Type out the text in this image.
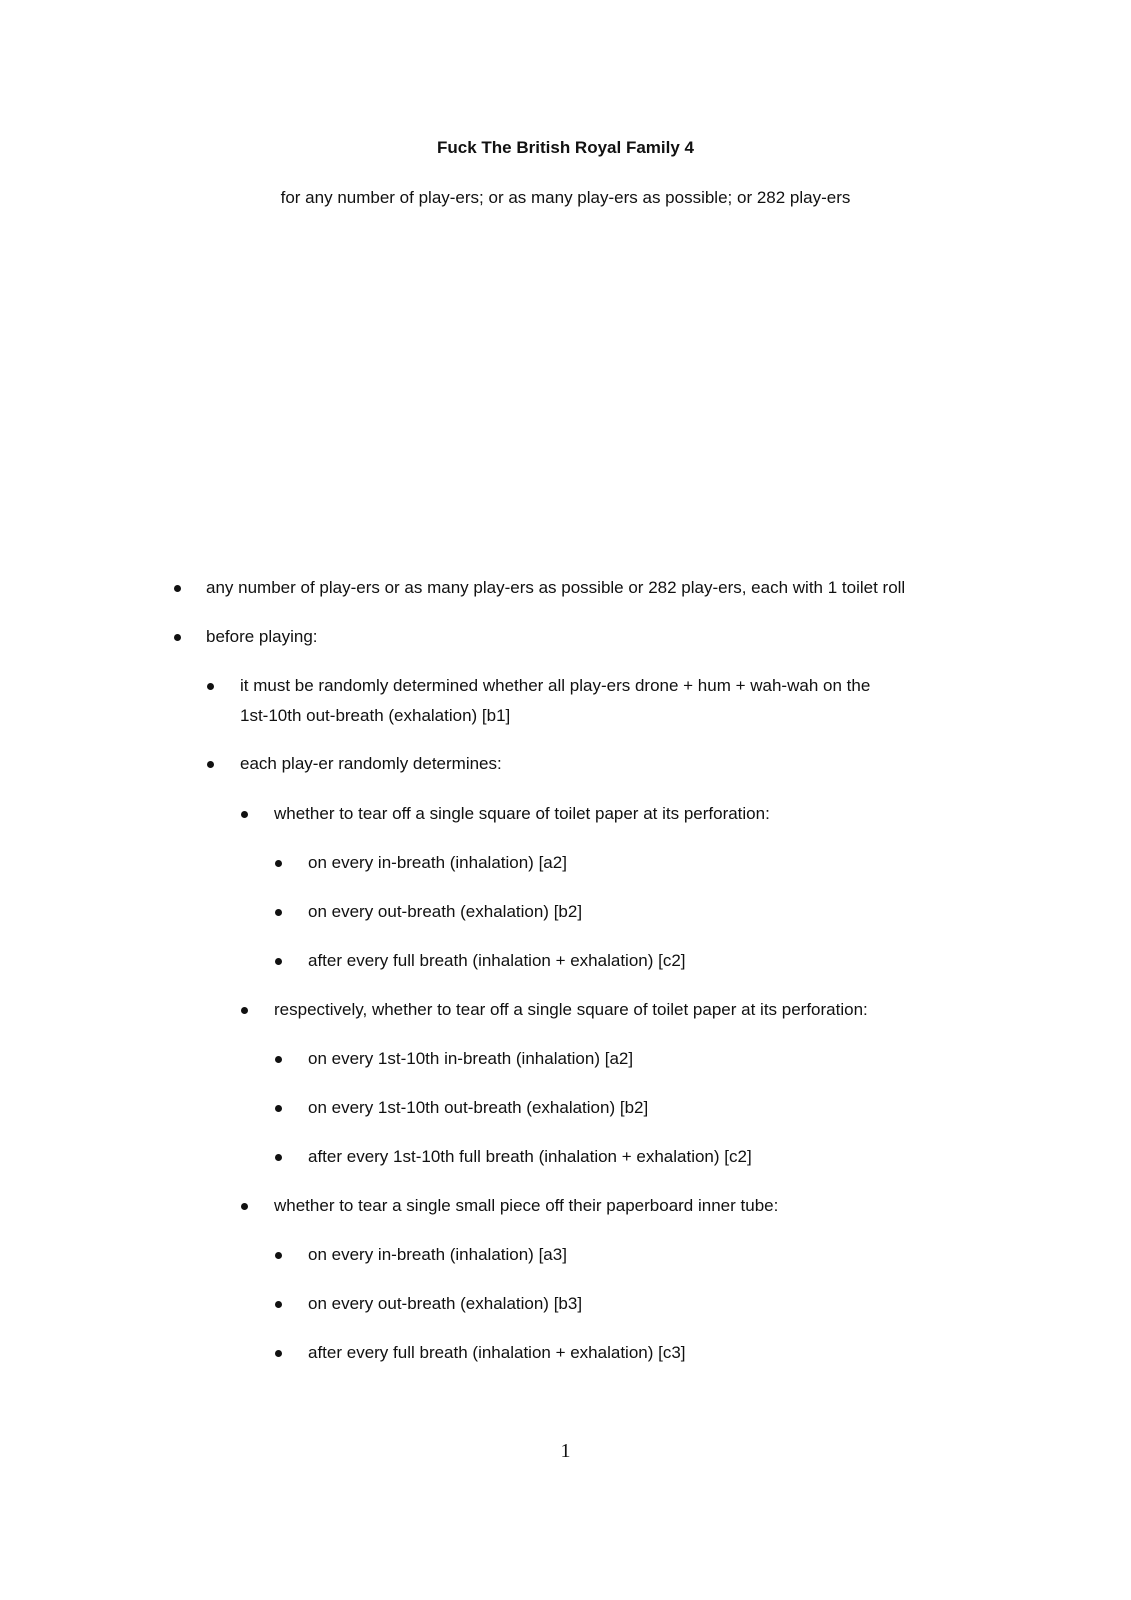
Fuck The British Royal Family 4

for any number of play-ers; or as many play-ers as possible; or 282 play-ers

any number of play-ers or as many play-ers as possible or 282 play-ers, each with 1 toilet roll
before playing:
it must be randomly determined whether all play-ers drone + hum + wah-wah on the
1st-10th out-breath (exhalation) [b1]
each play-er randomly determines:
whether to tear off a single square of toilet paper at its perforation:
on every in-breath (inhalation) [a2]
on every out-breath (exhalation) [b2]
after every full breath (inhalation + exhalation) [c2]
respectively, whether to tear off a single square of toilet paper at its perforation:
on every 1st-10th in-breath (inhalation) [a2]
on every 1st-10th out-breath (exhalation) [b2]
after every 1st-10th full breath (inhalation + exhalation) [c2]
whether to tear a single small piece off their paperboard inner tube:
on every in-breath (inhalation) [a3]
on every out-breath (exhalation) [b3]
after every full breath (inhalation + exhalation) [c3]
1
